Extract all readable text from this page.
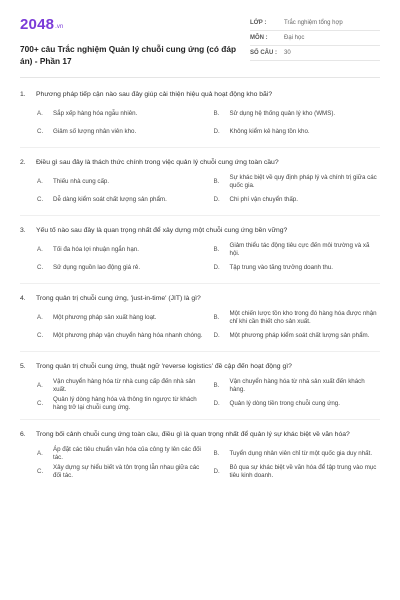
2048 .vn
700+ câu Trắc nghiệm Quản lý chuỗi cung ứng (có đáp án) - Phần 17
LỚP :	Trắc nghiệm tổng hợp
MÔN :	Đại học
SỐ CÂU :	30
1.	Phương pháp tiếp cận nào sau đây giúp cải thiện hiệu quả hoạt động kho bãi?
A.	Sắp xếp hàng hóa ngẫu nhiên.	B.	Sử dụng hệ thống quản lý kho (WMS).
C.	Giảm số lượng nhân viên kho.	D.	Không kiểm kê hàng tồn kho.
2.	Điều gì sau đây là thách thức chính trong việc quản lý chuỗi cung ứng toàn cầu?
A.	Thiếu nhà cung cấp.	B.
Sự khác biệt về quy định pháp lý và chính trị giữa các quốc gia.
C.	Dễ dàng kiểm soát chất lượng sản phẩm.	D.	Chi phí vận chuyển thấp.
3.	Yếu tố nào sau đây là quan trọng nhất để xây dựng một chuỗi cung ứng bền vững?
A.	Tối đa hóa lợi nhuận ngắn hạn.	B.
Giảm thiểu tác động tiêu cực đến môi trường và xã hội.
C.	Sử dụng nguồn lao động giá rẻ.	D.	Tập trung vào tăng trưởng doanh thu.
4.	Trong quản trị chuỗi cung ứng, 'just-in-time' (JIT) là gì?
A.	Một phương pháp sản xuất hàng loạt.	B.
Một chiến lược tồn kho trong đó hàng hóa được nhận chỉ khi cần thiết cho sản xuất.
C.	Một phương pháp vận chuyển hàng hóa nhanh chóng. D.	Một phương pháp kiểm soát chất lượng sản phẩm.
5.	Trong quản trị chuỗi cung ứng, thuật ngữ 'reverse logistics' đề cập đến hoạt động gì?
A.
Vận chuyển hàng hóa từ nhà cung cấp đến nhà sản xuất.
B.
Vận chuyển hàng hóa từ nhà sản xuất đến khách hàng.
C.
Quản lý dòng hàng hóa và thông tin ngược từ khách hàng trở lại chuỗi cung ứng.
D.	Quản lý dòng tiền trong chuỗi cung ứng.
6.	Trong bối cảnh chuỗi cung ứng toàn cầu, điều gì là quan trọng nhất để quản lý sự khác biệt về văn hóa?
A.
Áp đặt các tiêu chuẩn văn hóa của công ty lên các đối tác.
B.	Tuyển dụng nhân viên chỉ từ một quốc gia duy nhất.
C.
Xây dựng sự hiểu biết và tôn trọng lẫn nhau giữa các đối tác.
D.
Bỏ qua sự khác biệt về văn hóa để tập trung vào mục tiêu kinh doanh.
